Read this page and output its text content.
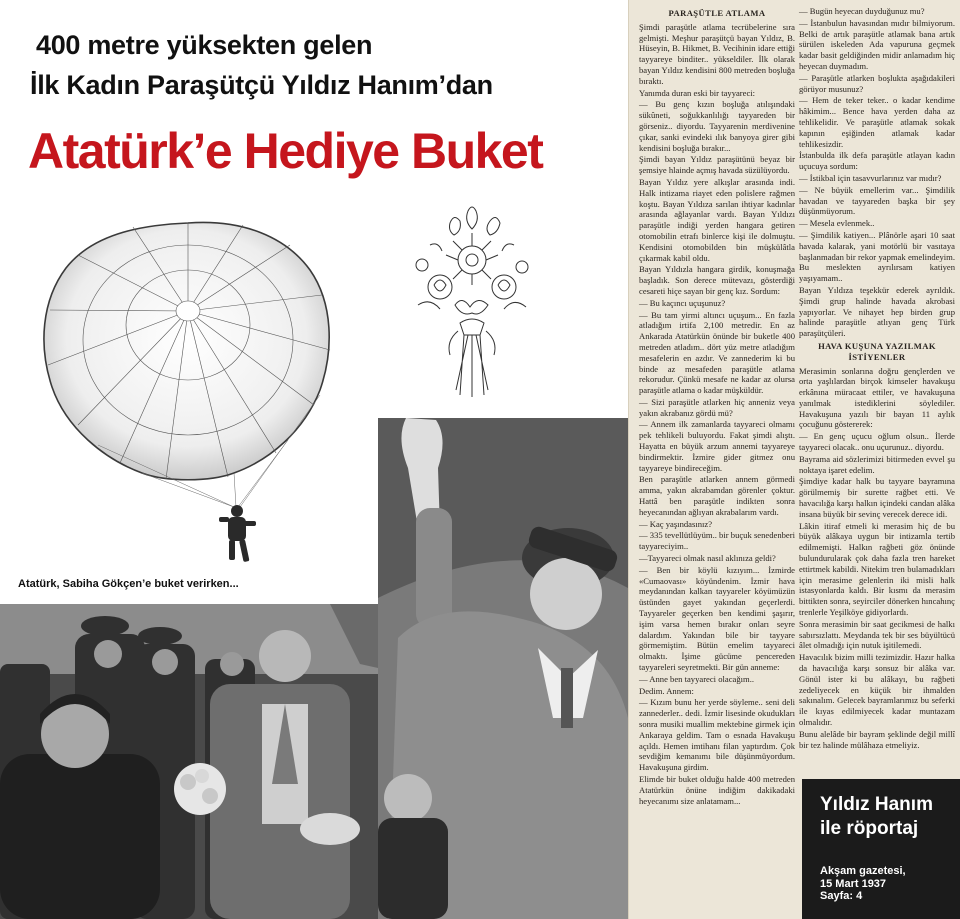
400 metre yüksekten gelen
İlk Kadın Paraşütçü Yıldız Hanım’dan
Atatürk’e Hediye Buket
Atatürk, Sabiha Gökçen’e buket verirken...
PARAŞÜTLE ATLAMA

Şimdi paraşütle atlama tecrübelerine sıra gelmişti. Meşhur paraşütçü bayan Yıldız, B. Hüseyin, B. Hikmet, B. Vecihinin idare ettiği tayyareye binditer.. yükseldiler. İlk olarak bayan Yıldız kendisini 800 metreden boşluğa bıraktı.

Yanımda duran eski bir tayyareci:

— Bu genç kızın boşluğa atılışındaki sükûneti, soğukkanlılığı tayyareden bir görseniz.. diyordu. Tayyarenin merdivenine çıkar, sanki evindeki ılık banyoya girer gibi kendisini boşluğa bırakır...

Şimdi bayan Yıldız paraşütünü beyaz bir şemsiye hlainde açmış havada süzülüyordu.

Bayan Yıldız yere alkışlar arasında indi. Halk intizama riayet eden polislere rağmen koştu. Bayan Yıldıza sarılan ihtiyar kadınlar arasında ağlayanlar vardı. Bayan Yıldızı paraşütle indiği yerden hangara getiren otomobilin etrafı binlerce kişi ile dolmuştu. Kendisini otomobilden bin müşkülâtla çıkarmak kabil oldu.

Bayan Yıldızla hangara girdik, konuşmağa başladık. Son derece mütevazı, gösterdiği cesareti hiçe sayan bir genç kız. Sordum:

— Bu kaçıncı uçuşunuz?

— Bu tam yirmi altıncı uçuşum... En fazla atladığım irtifa 2,100 metredir. En az Ankarada Atatürkün önünde bir buketle 400 metreden atladım.. dört yüz metre atladığım mesafelerin en azdır. Ve zannederim ki bu binde az mesafeden paraşütle atlama rekorudur. Çünkü mesafe ne kadar az olursa paraşütle atlama o kadar müşküldür.

— Sizi paraşütle atlarken hiç anneniz veya yakın akrabanız gördü mü?

— Annem ilk zamanlarda tayyareci olmamı pek tehlikeli buluyordu. Fakat şimdi alıştı. Hayatta en büyük arzum annemi tayyareye bindirmektir. İzmire gider gitmez onu tayyareye bindireceğim.

Ben paraşütle atlarken annem görmedi amma, yakın akrabamdan görenler çoktur. Hattâ ben paraşütle indikten sonra heyecanından ağlıyan akrabalarım vardı.

— Kaç yaşındasınız?

— 335 tevellütlüyüm.. bir buçuk senedenberi tayyareciyim..

—Tayyareci olmak nasıl aklınıza geldi?

— Ben bir köylü kızıyım... İzmirde «Cumaovası» köyündenim. İzmir hava meydanından kalkan tayyareler köyümüzün üstünden gayet yakından geçerlerdi. Tayyareler geçerken ben kendimi şaşırır, işim varsa hemen bırakır onları seyre dalardım. Yakından bile bir tayyare görmemiştim. Bütün emelim tayyareci olmaktı. İşime gücüme pencereden tayyareleri seyretmekti. Bir gün anneme:

— Anne ben tayyareci olacağım..

Dedim. Annem:

— Kızım bunu her yerde söyleme.. seni deli zannederler.. dedi. İzmir lisesinde okudukları sonra musiki muallim mektebine girmek için Ankaraya geldim. Tam o esnada Havakuşu açıldı. Hemen imtihanı filan yaptırdım. Çok sevdiğim kemanımı bile düşünmüyordum. Havakuşuna girdim.

Elimde bir buket olduğu halde 400 metreden Atatürkün önüne indiğim dakikadaki heyecanımı size anlatamam...

— Bugün heyecan duyduğunuz mu?

— İstanbulun havasından mıdır bilmiyorum. Belki de artık paraşütle atlamak bana artık sürülen iskeleden Ada vapuruna geçmek kadar basit geldiğinden midir anlamadım hiç heyecan duymadım.

— Paraşütle atlarken boşlukta aşağıdakileri görüyor musunuz?

— Hem de teker teker.. o kadar kendime hâkimim... Bence hava yerden daha az tehlikelidir. Ve paraşütle atlamak sokak kapının eşiğinden atlamak kadar tehlikesizdir.

İstanbulda ilk defa paraşütle atlayan kadın uçucuya sordum:

— İstikbal için tasavvurlarınız var mıdır?

— Ne büyük emellerim var... Şimdilik havadan ve tayyareden başka bir şey düşünmüyorum.

— Mesela evlenmek..

— Şimdilik katiyen... Plânörle aşari 10 saat havada kalarak, yani motörlü bir vasıtaya başlanmadan bir rekor yapmak emelindeyim. Bu meslekten ayrılırsam katiyen yaşıyamam..

Bayan Yıldıza teşekkür ederek ayrıldık. Şimdi grup halinde havada akrobasi yapıyorlar. Ve nihayet hep birden grup halinde paraşütle atlıyan genç Türk paraşütçüleri.

HAVA KUŞUNA YAZILMAK İSTİYENLER

Merasimin sonlarına doğru gençlerden ve orta yaşlılardan birçok kimseler havakuşu erkânına müracaat ettiler, ve havakuşuna yanılmak istediklerini söylediler. Havakuşuna yazılı bir bayan 11 aylık çocuğunu göstererek:

— En genç uçucu oğlum olsun.. İlerde tayyareci olacak.. onu uçurunuz.. diyordu.

Bayrama aid sözlerimizi bitirmeden evvel şu noktaya işaret edelim.

Şimdiye kadar halk bu tayyare bayramına görülmemiş bir surette rağbet etti. Ve havacılığa karşı halkın içindeki candan alâka insana büyük bir sevinç verecek derece idi.

Lâkin itiraf etmeli ki merasim hiç de bu büyük alâkaya uygun bir intizamla tertib edilmemişti. Halkın rağbeti göz önünde bulundurularak çok daha fazla tren hareket ettirtmek kabildi. Nitekim tren bulamadıkları için merasime gelenlerin iki misli halk istasyonlarda kaldı. Bir kısmı da merasim bittikten sonra, seyirciler dönerken hıncahınç trenlerle Yeşilköye gidiyorlardı.

Sonra merasimin bir saat gecikmesi de halkı sabırsızlattı. Meydanda tek bir ses büyültücü âlet olmadığı için nutuk işitilemedi.

Havacılık bizim milli tezimizdir. Hazır halka da havacılığa karşı sonsuz bir alâka var. Gönül ister ki bu alâkayı, bu rağbeti zedeliyecek en küçük bir ihmalden sakınalım. Gelecek bayramlarımız bu seferki ile kıyas edilmiyecek kadar muntazam olmalıdır.

Bunu alelâde bir bayram şeklinde değil millî bir tez halinde mülâhaza etmeliyiz.

Yıldız Hanım
ile röportaj
Akşam gazetesi,
15 Mart 1937
Sayfa: 4
